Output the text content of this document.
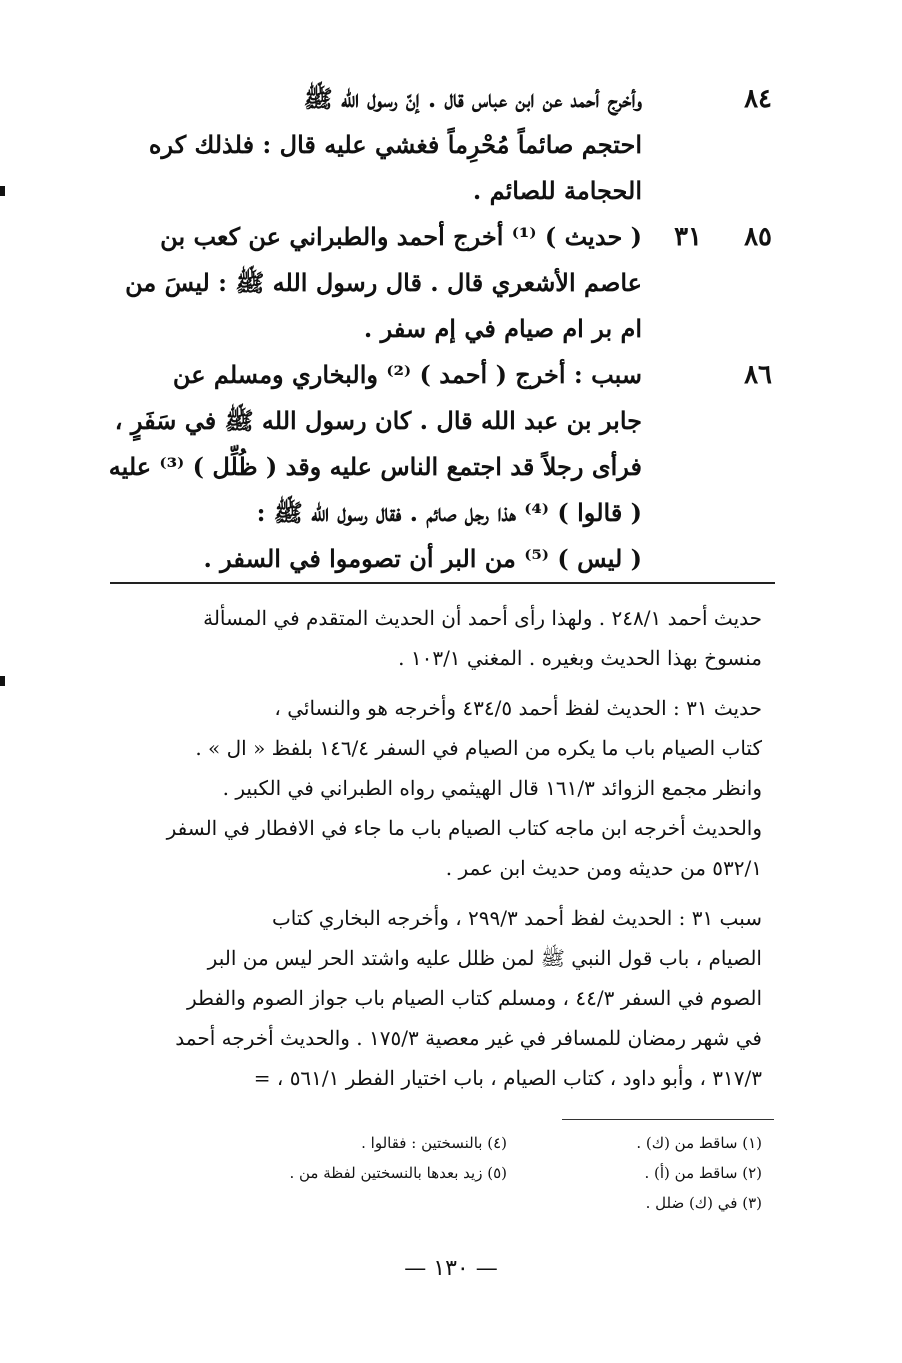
٨٤
وأخرج أحمد عن ابن عباس قال . إنّ رسول الله ﷺ
احتجم صائماً مُحْرِماً فغشي عليه قال : فلذلك كره
الحجامة للصائم .
٨٥
٣١
( حديث ) ⁽¹⁾ أخرج أحمد والطبراني عن كعب بن
عاصم الأشعري قال . قال رسول الله ﷺ : ليسَ من
ام بر ام صيام في إم سفر .
٨٦
سبب : أخرج ( أحمد ) ⁽²⁾ والبخاري ومسلم عن
جابر بن عبد الله قال . كان رسول الله ﷺ في سَفَرٍ ،
فرأى رجلاً قد اجتمع الناس عليه وقد ( ظُلِّل ) ⁽³⁾ عليه
( قالوا ) ⁽⁴⁾ هذا رجل صائم . فقال رسول الله ﷺ :
( ليس ) ⁽⁵⁾ من البر أن تصوموا في السفر .
حديث أحمد ٢٤٨/١ . ولهذا رأى أحمد أن الحديث المتقدم في المسألة
منسوخ بهذا الحديث وبغيره . المغني ١٠٣/١ .
حديث ٣١ : الحديث لفظ أحمد ٤٣٤/٥ وأخرجه هو والنسائي ،
كتاب الصيام باب ما يكره من الصيام في السفر ١٤٦/٤ بلفظ « ال » .
وانظر مجمع الزوائد ١٦١/٣ قال الهيثمي رواه الطبراني في الكبير .
والحديث أخرجه ابن ماجه كتاب الصيام باب ما جاء في الافطار في السفر
٥٣٢/١ من حديثه ومن حديث ابن عمر .
سبب ٣١ : الحديث لفظ أحمد ٢٩٩/٣ ، وأخرجه البخاري كتاب
الصيام ، باب قول النبي ﷺ لمن ظلل عليه واشتد الحر ليس من البر
الصوم في السفر ٤٤/٣ ، ومسلم كتاب الصيام باب جواز الصوم والفطر
في شهر رمضان للمسافر في غير معصية ١٧٥/٣ . والحديث أخرجه أحمد
٣١٧/٣ ، وأبو داود ، كتاب الصيام ، باب اختيار الفطر ٥٦١/١ ، =
(١) ساقط من (ك) .
(٢) ساقط من (أ) .
(٣) في (ك) ضلل .
(٤) بالنسختين : فقالوا .
(٥) زيد بعدها بالنسختين لفظة من .
— ١٣٠ —
